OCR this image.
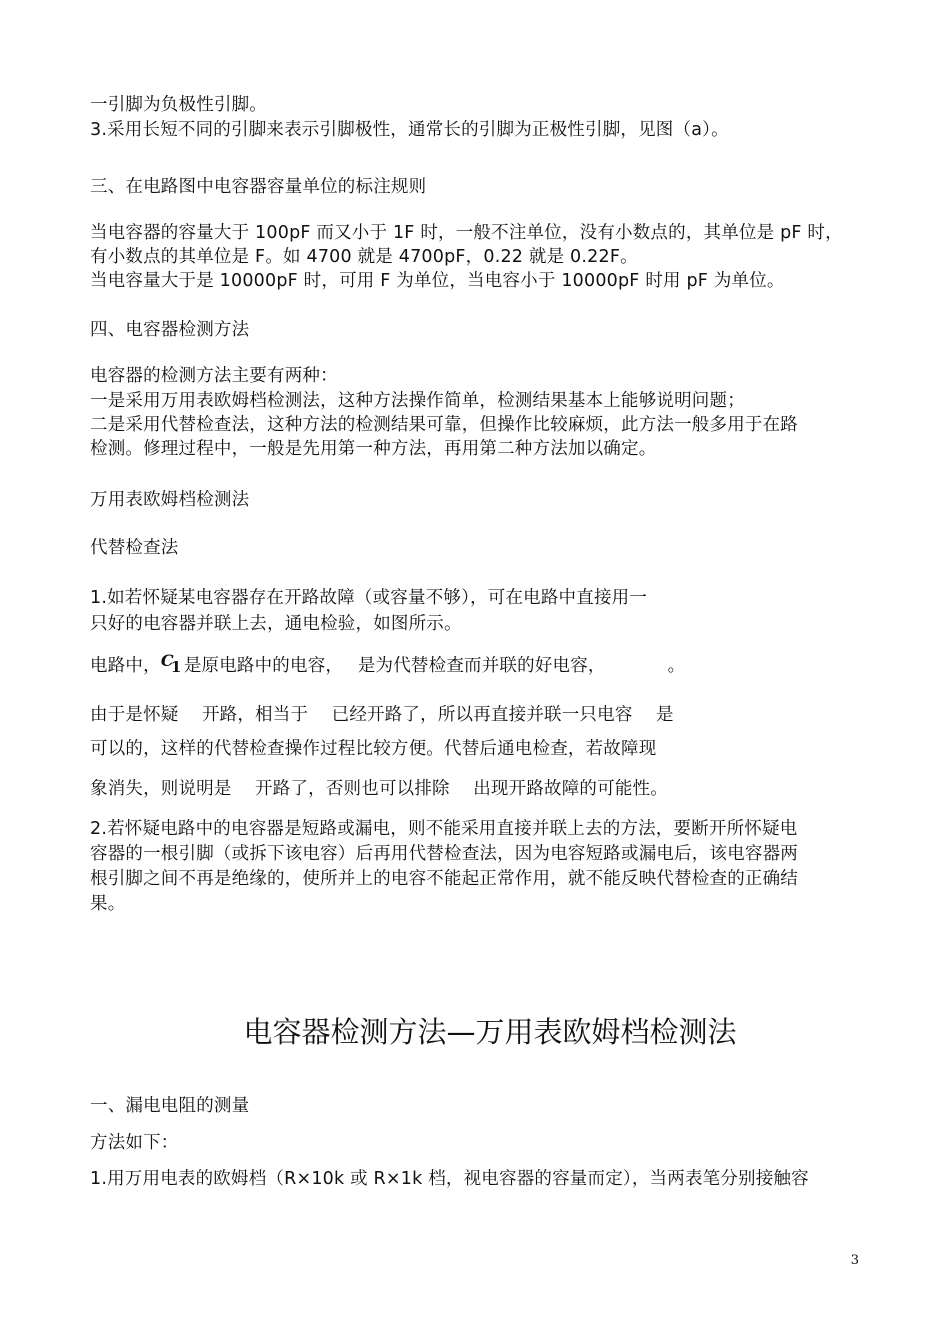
一引脚为负极性引脚。
3.采用长短不同的引脚来表示引脚极性，通常长的引脚为正极性引脚，见图（a）。
三、在电路图中电容器容量单位的标注规则
当电容器的容量大于 100pF 而又小于 1F 时，一般不注单位，没有小数点的，其单位是 pF 时，
有小数点的其单位是 F。如 4700 就是 4700pF，0.22 就是 0.22F。
当电容量大于是 10000pF 时，可用 F 为单位，当电容小于 10000pF 时用 pF 为单位。
四、电容器检测方法
电容器的检测方法主要有两种：
一是采用万用表欧姆档检测法，这种方法操作简单，检测结果基本上能够说明问题；
二是采用代替检查法，这种方法的检测结果可靠，但操作比较麻烦，此方法一般多用于在路
检测。修理过程中，一般是先用第一种方法，再用第二种方法加以确定。
万用表欧姆档检测法
代替检查法
1.如若怀疑某电容器存在开路故障（或容量不够），可在电路中直接用一
只好的电容器并联上去，通电检验，如图所示。
电路中， C
1 是原电路中的电容，　 是为代替检查而并联的好电容，　　　　。
由于是怀疑　 开路，相当于　 已经开路了，所以再直接并联一只电容　 是
可以的，这样的代替检查操作过程比较方便。代替后通电检查，若故障现
象消失，则说明是　 开路了，否则也可以排除　 出现开路故障的可能性。
2.若怀疑电路中的电容器是短路或漏电，则不能采用直接并联上去的方法，要断开所怀疑电
容器的一根引脚（或拆下该电容）后再用代替检查法，因为电容短路或漏电后，该电容器两
根引脚之间不再是绝缘的，使所并上的电容不能起正常作用，就不能反映代替检查的正确结
果。
电容器检测方法—万用表欧姆档检测法
一、漏电电阻的测量
方法如下：
1.用万用电表的欧姆档（R×10k 或 R×1k 档，视电容器的容量而定），当两表笔分别接触容
3
